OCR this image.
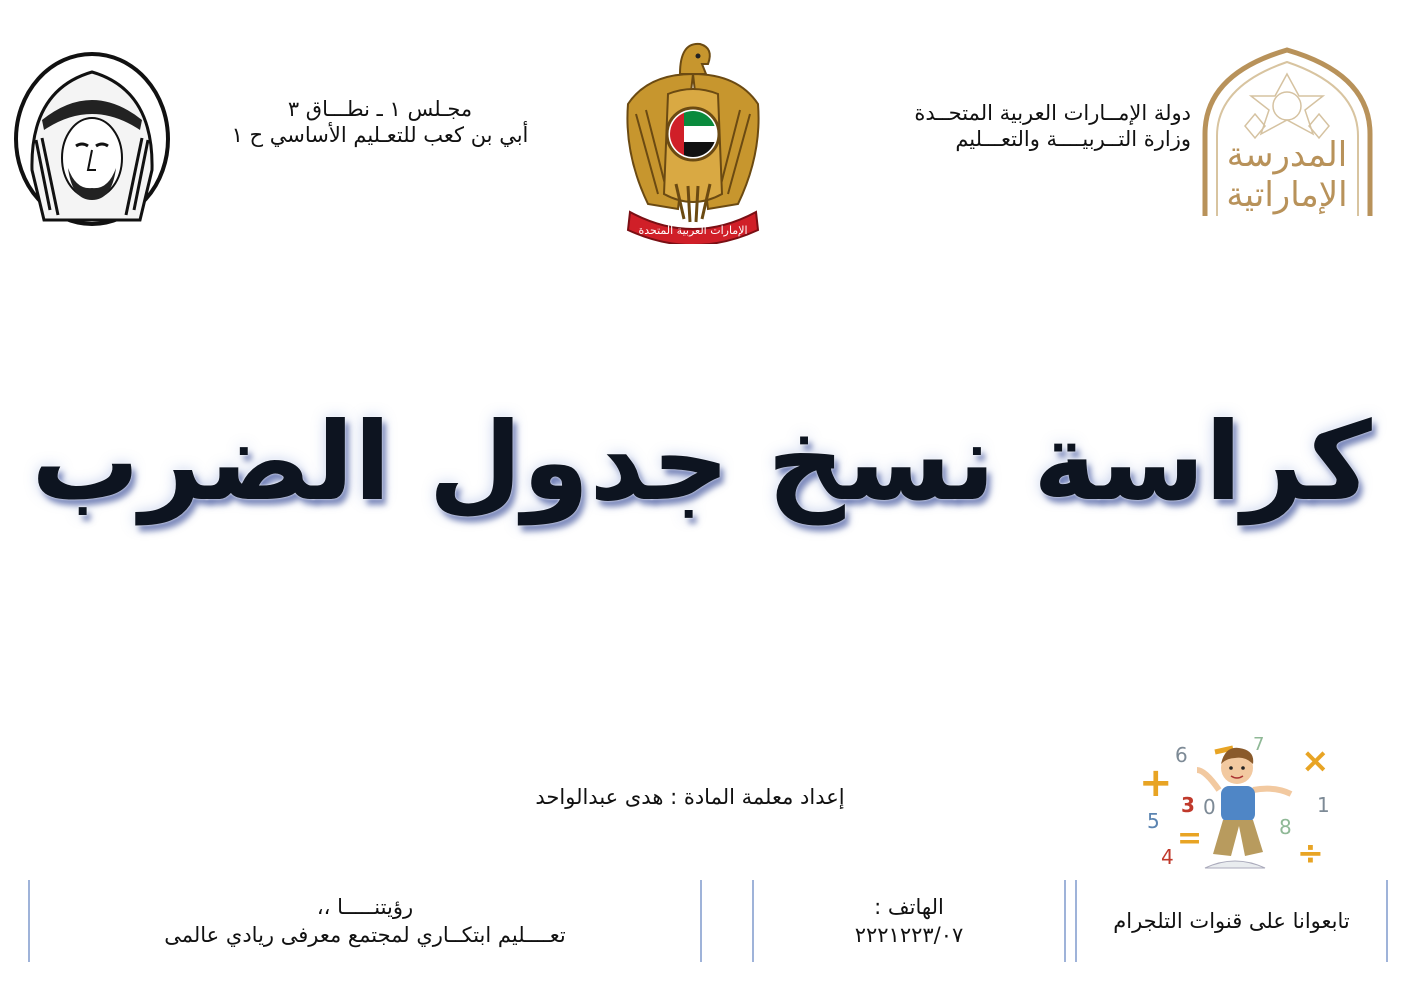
مجـلس ١ ـ نطـــاق ٣
أبي بن كعب للتعـليم الأساسي ح ١
الإمارات العربية المتحدة
دولة الإمــارات العربية المتحــدة
وزارة التــربيــــة والتعـــليم المدرسة
الإماراتية
كراسة نسخ جدول الضرب
إعداد معلمة المادة : هدى عبدالواحد
6	7 ×
+ 3 0	1
5	8
=
4	÷
رؤيتنـــــا ،،
تعــــليم ابتكــاري لمجتمع معرفى ريادي عالمى
الهاتف :
٢٢٢١٢٢٣/٠٧
تابعوانا على قنوات التلجرام
